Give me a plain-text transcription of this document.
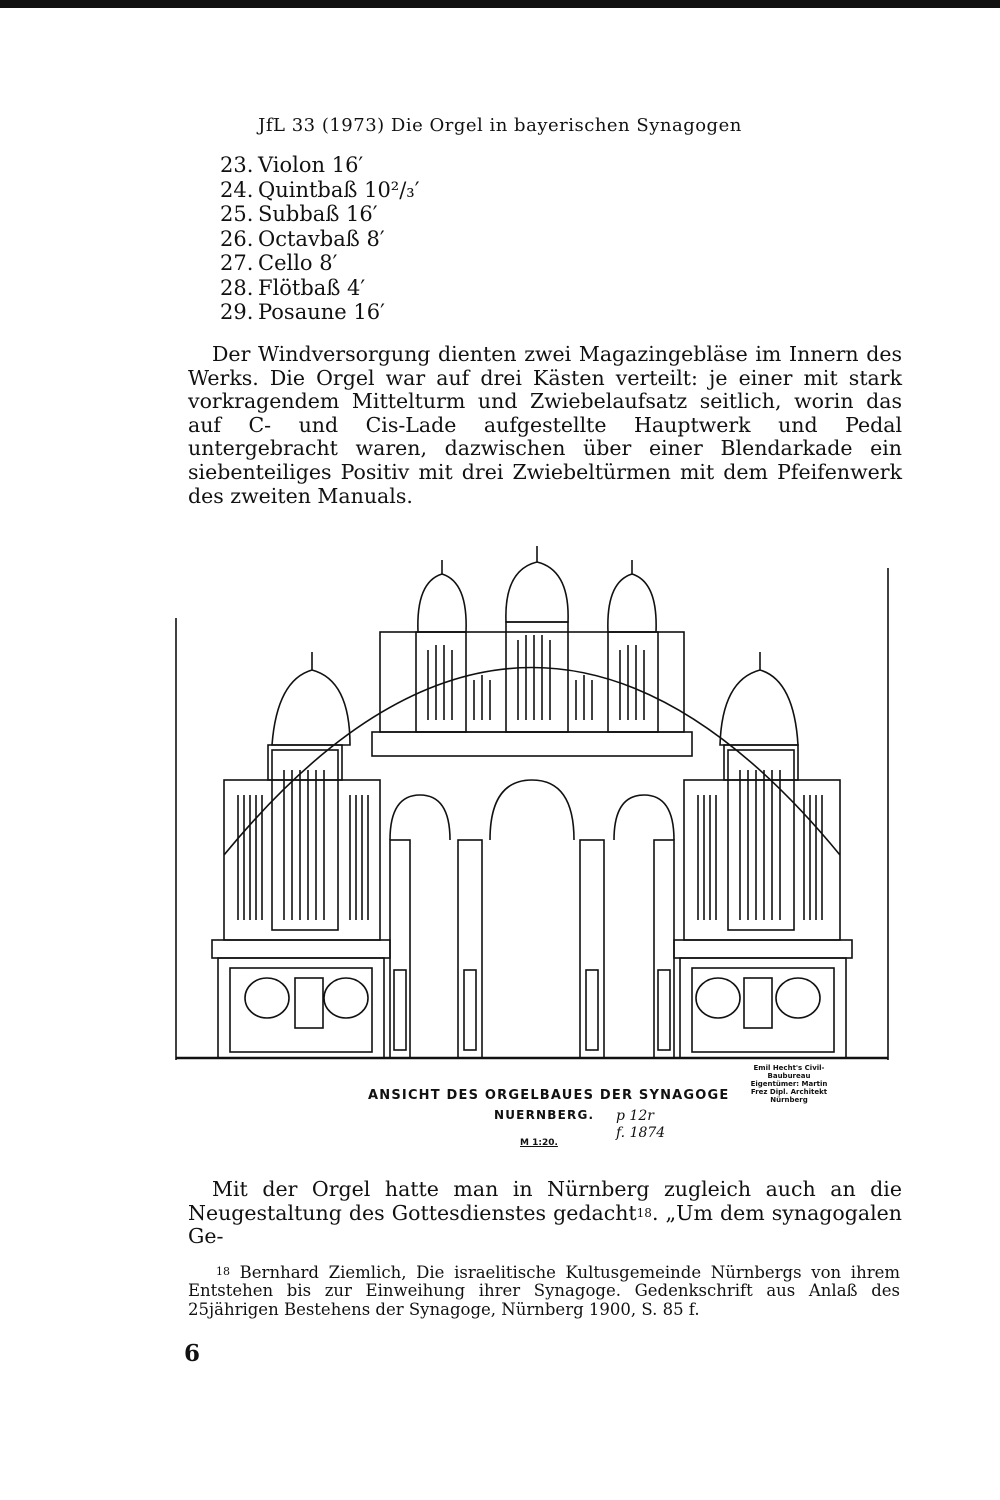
JfL 33 (1973) Die Orgel in bayerischen Synagogen
23. Violon 16′
24. Quintbaß 10²/₃′
25. Subbaß 16′
26. Octavbaß 8′
27. Cello 8′
28. Flötbaß 4′
29. Posaune 16′

Der Windversorgung dienten zwei Magazingebläse im Innern des Werks. Die Orgel war auf drei Kästen verteilt: je einer mit stark vorkragendem Mittelturm und Zwiebelaufsatz seitlich, worin das auf C- und Cis-Lade aufgestellte Hauptwerk und Pedal untergebracht waren, dazwischen über einer Blendarkade ein siebenteiliges Positiv mit drei Zwiebeltürmen mit dem Pfeifenwerk des zweiten Manuals.

ANSICHT DES ORGELBAUES DER SYNAGOGE
NUERNBERG.
M 1:20.
Emil Hecht's Civil-Baubureau Eigentümer: Martin Frez Dipl. Architekt Nürnberg
p 12r
f. 1874

Mit der Orgel hatte man in Nürnberg zugleich auch an die Neugestaltung des Gottesdienstes gedacht$^{18}$. „Um dem synagogalen Ge-

$^{18}$ Bernhard Ziemlich, Die israelitische Kultusgemeinde Nürnbergs von ihrem Entstehen bis zur Einweihung ihrer Synagoge. Gedenkschrift aus Anlaß des 25jährigen Bestehens der Synagoge, Nürnberg 1900, S. 85 f.
6
